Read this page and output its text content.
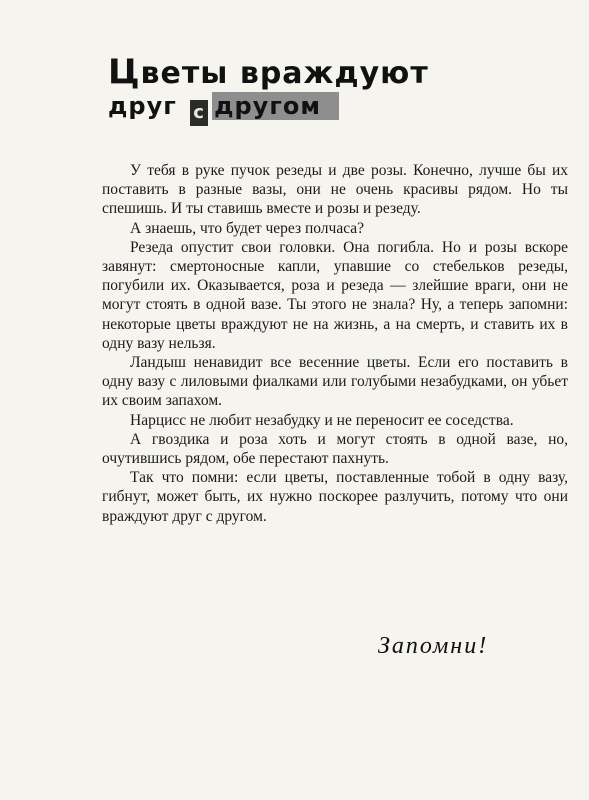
Цветы враждуют
друг с другом

У тебя в руке пучок резеды и две розы. Конечно, лучше бы их поставить в разные вазы, они не очень красивы рядом. Но ты спешишь. И ты ставишь вместе и розы и резеду.

А знаешь, что будет через полчаса?

Резеда опустит свои головки. Она погибла. Но и розы вскоре завянут: смертоносные капли, упавшие со стебельков резеды, погубили их. Оказывается, роза и резеда — злейшие враги, они не могут стоять в одной вазе. Ты этого не знала? Ну, а теперь запомни: некоторые цветы враждуют не на жизнь, а на смерть, и ставить их в одну вазу нельзя.

Ландыш ненавидит все весенние цветы. Если его поставить в одну вазу с лиловыми фиалками или голубыми незабудками, он убьет их своим запахом.

Нарцисс не любит незабудку и не переносит ее соседства.

А гвоздика и роза хоть и могут стоять в одной вазе, но, очутившись рядом, обе перестают пахнуть.

Так что помни: если цветы, поставленные тобой в одну вазу, гибнут, может быть, их нужно поскорее разлучить, потому что они враждуют друг с другом.

Запомни!
